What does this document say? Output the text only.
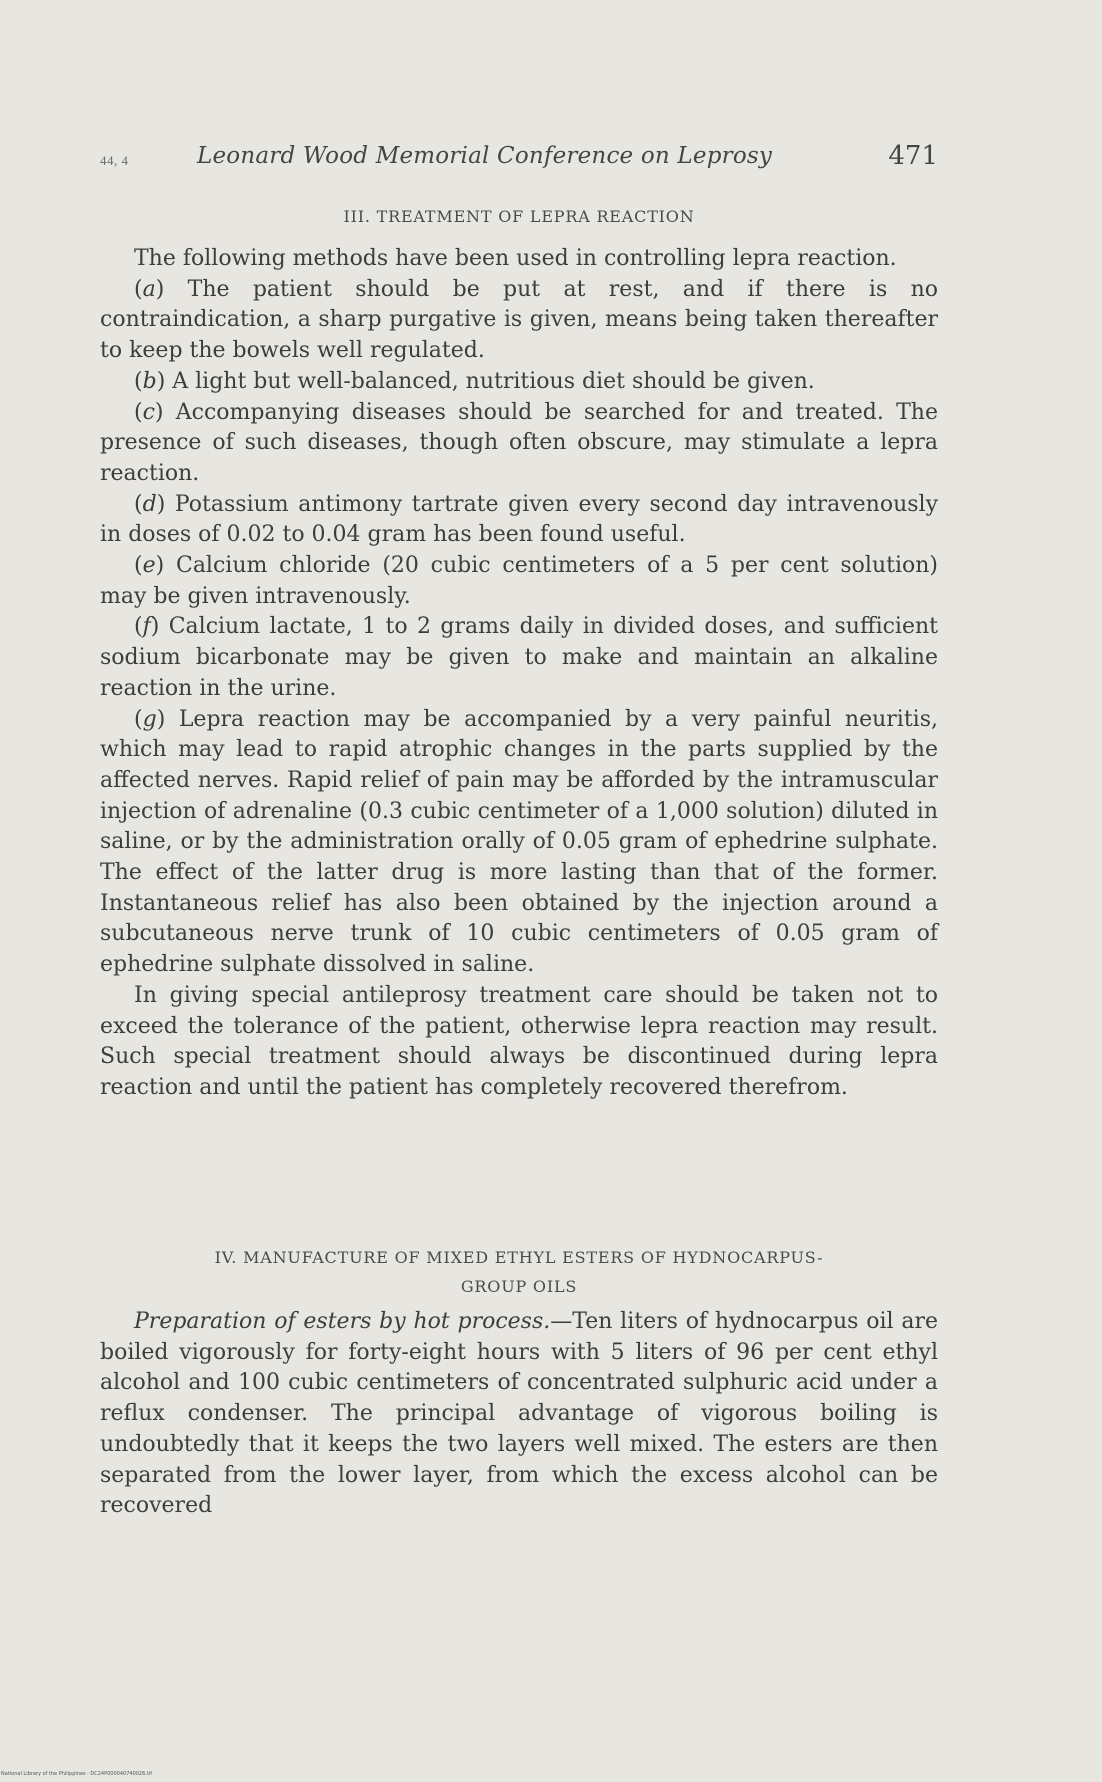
44, 4	Leonard Wood Memorial Conference on Leprosy	471
III. TREATMENT OF LEPRA REACTION

The following methods have been used in controlling lepra reaction.

(a) The patient should be put at rest, and if there is no contraindication, a sharp purgative is given, means being taken thereafter to keep the bowels well regulated.

(b) A light but well-balanced, nutritious diet should be given.

(c) Accompanying diseases should be searched for and treated. The presence of such diseases, though often obscure, may stimulate a lepra reaction.

(d) Potassium antimony tartrate given every second day intravenously in doses of 0.02 to 0.04 gram has been found useful.

(e) Calcium chloride (20 cubic centimeters of a 5 per cent solution) may be given intravenously.

(f) Calcium lactate, 1 to 2 grams daily in divided doses, and sufficient sodium bicarbonate may be given to make and maintain an alkaline reaction in the urine.

(g) Lepra reaction may be accompanied by a very painful neuritis, which may lead to rapid atrophic changes in the parts supplied by the affected nerves. Rapid relief of pain may be afforded by the intramuscular injection of adrenaline (0.3 cubic centimeter of a 1,000 solution) diluted in saline, or by the administration orally of 0.05 gram of ephedrine sulphate. The effect of the latter drug is more lasting than that of the former. Instantaneous relief has also been obtained by the injection around a subcutaneous nerve trunk of 10 cubic centimeters of 0.05 gram of ephedrine sulphate dissolved in saline.

In giving special antileprosy treatment care should be taken not to exceed the tolerance of the patient, otherwise lepra reaction may result. Such special treatment should always be discontinued during lepra reaction and until the patient has completely recovered therefrom.

IV. MANUFACTURE OF MIXED ETHYL ESTERS OF HYDNOCARPUS-
GROUP OILS

Preparation of esters by hot process.—Ten liters of hydnocarpus oil are boiled vigorously for forty-eight hours with 5 liters of 96 per cent ethyl alcohol and 100 cubic centimeters of concentrated sulphuric acid under a reflux condenser. The principal advantage of vigorous boiling is undoubtedly that it keeps the two layers well mixed. The esters are then separated from the lower layer, from which the excess alcohol can be recovered

National Library of the Philippines · DC24P000040740026.tif
